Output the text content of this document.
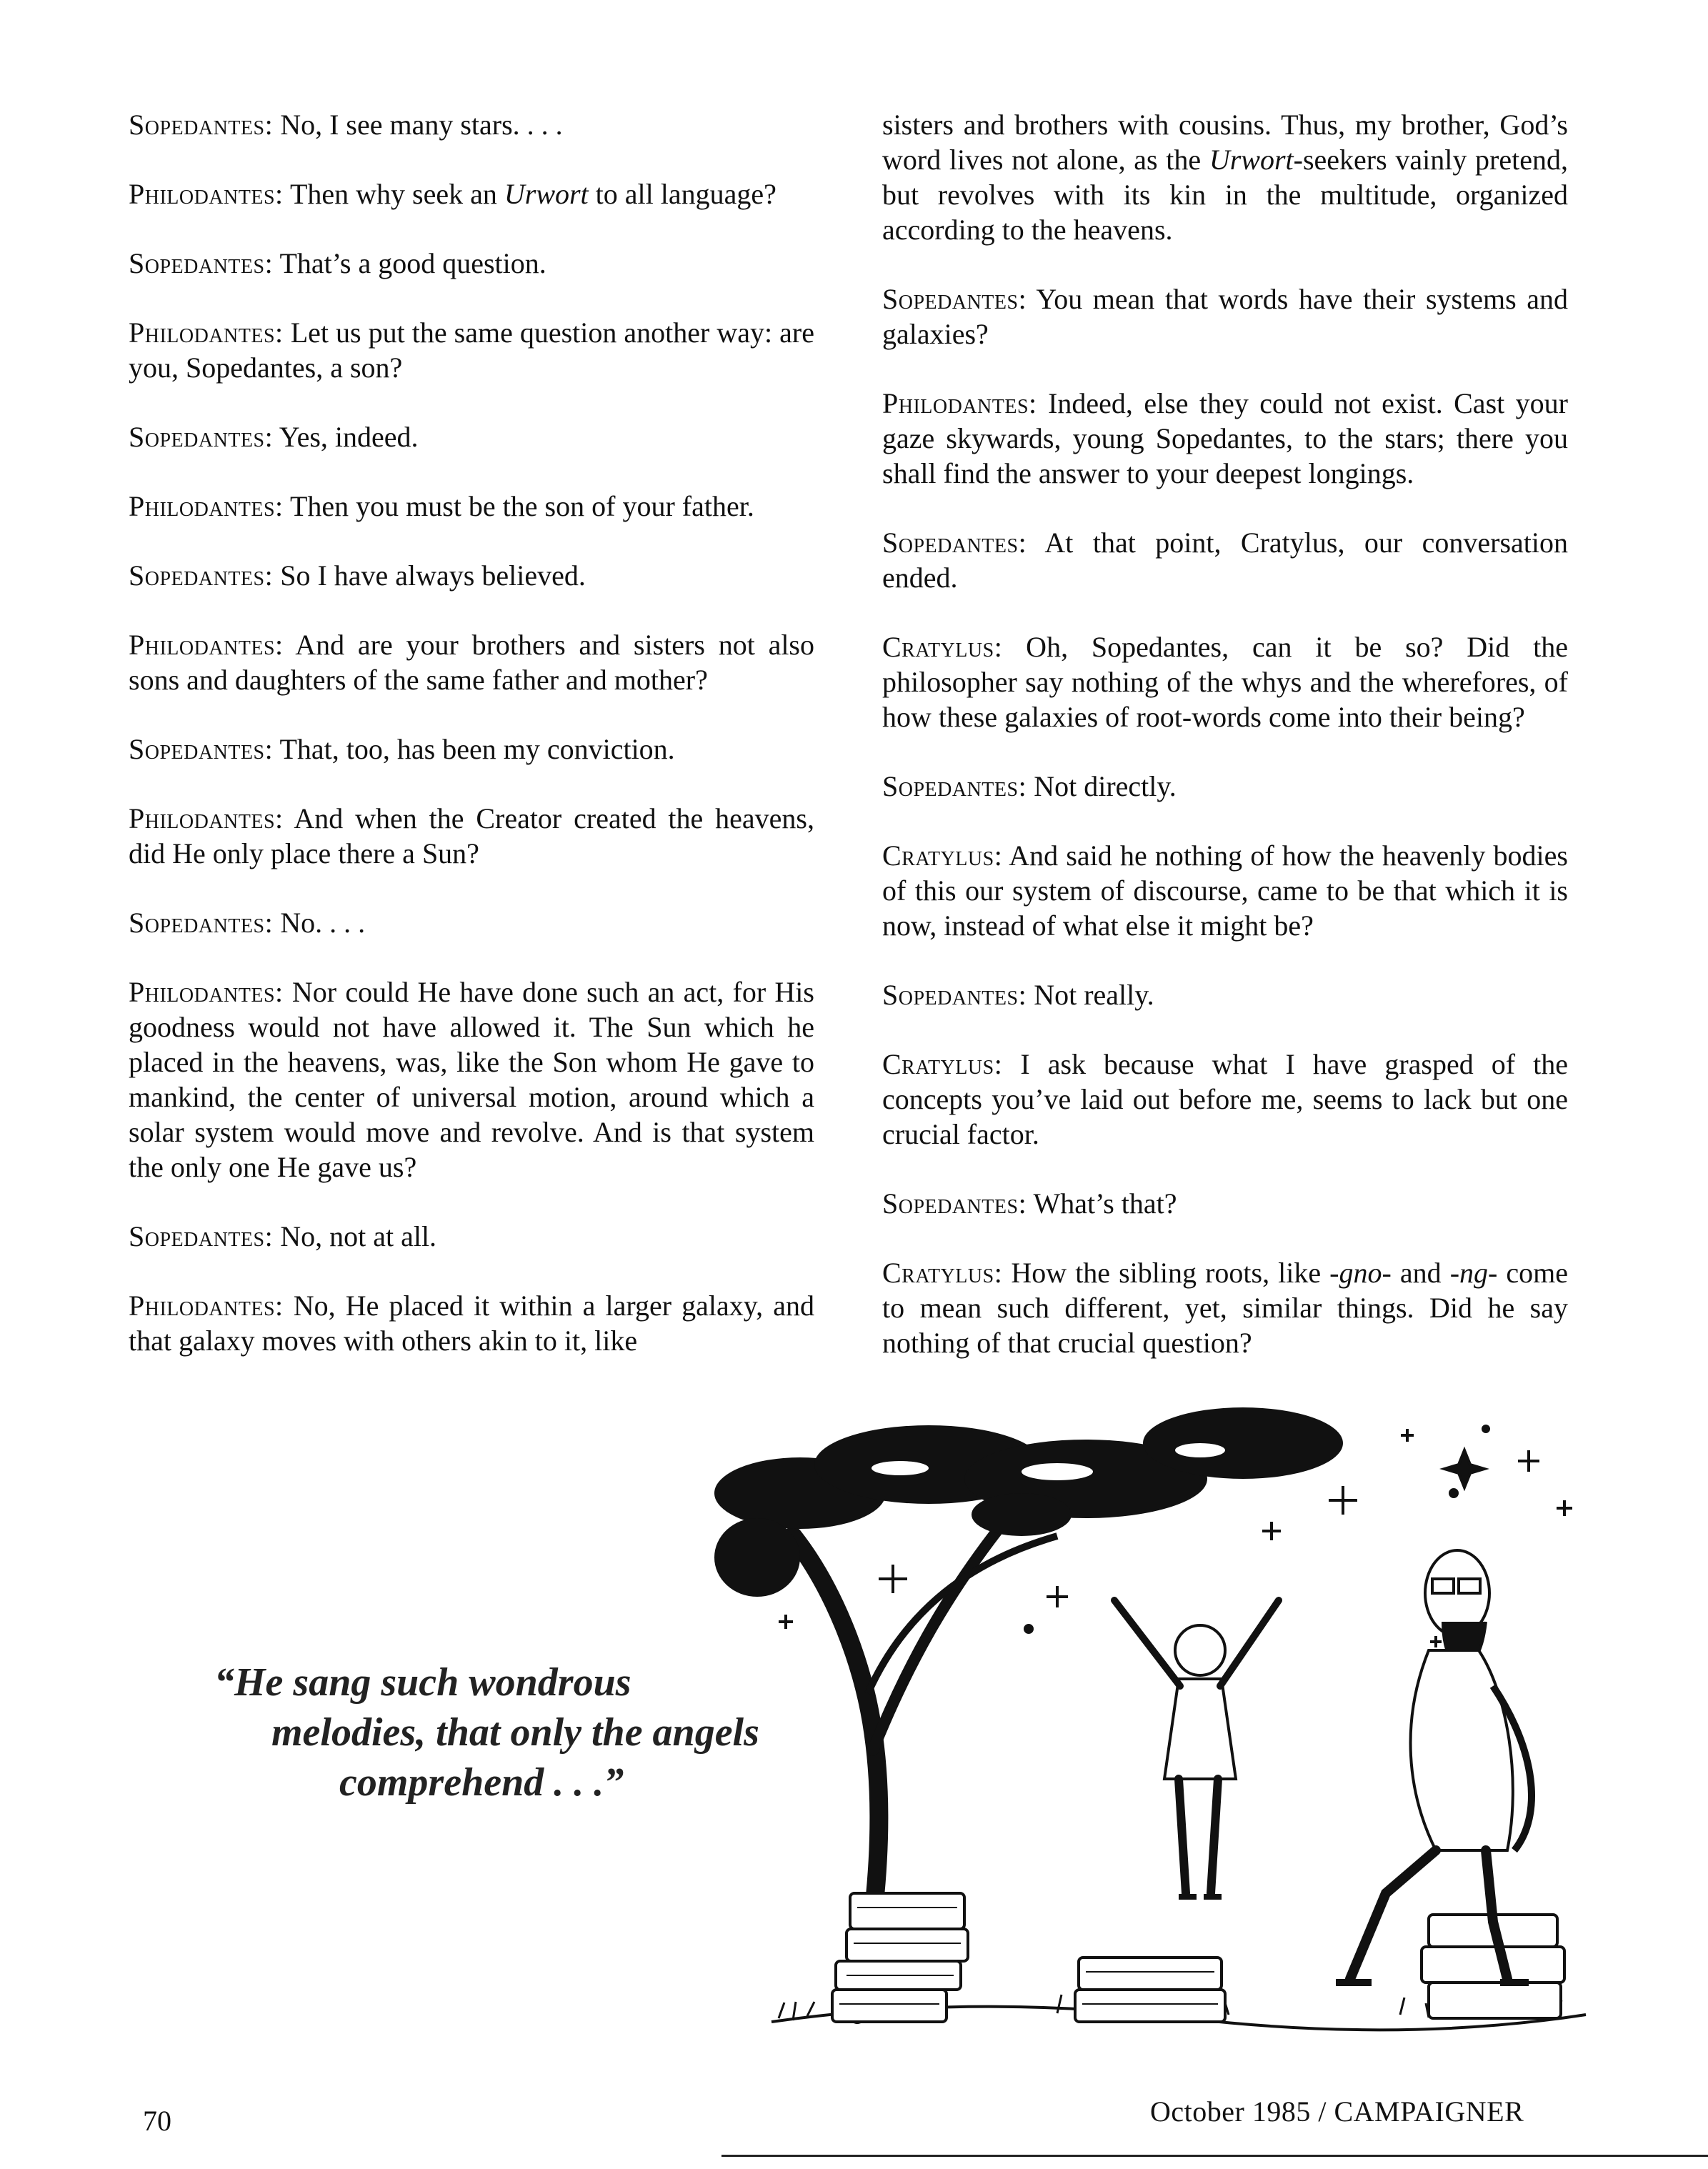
Sopedantes: No, I see many stars. . . .

Philodantes: Then why seek an Urwort to all language?

Sopedantes: That’s a good question.

Philodantes: Let us put the same question another way: are you, Sopedantes, a son?

Sopedantes: Yes, indeed.

Philodantes: Then you must be the son of your father.

Sopedantes: So I have always believed.

Philodantes: And are your brothers and sisters not also sons and daughters of the same father and mother?

Sopedantes: That, too, has been my conviction.

Philodantes: And when the Creator created the heavens, did He only place there a Sun?

Sopedantes: No. . . .

Philodantes: Nor could He have done such an act, for His goodness would not have allowed it. The Sun which he placed in the heavens, was, like the Son whom He gave to mankind, the center of universal motion, around which a solar system would move and revolve. And is that system the only one He gave us?

Sopedantes: No, not at all.

Philodantes: No, He placed it within a larger galaxy, and that galaxy moves with others akin to it, like

sisters and brothers with cousins. Thus, my brother, God’s word lives not alone, as the Urwort-seekers vainly pretend, but revolves with its kin in the multitude, organized according to the heavens.

Sopedantes: You mean that words have their systems and galaxies?

Philodantes: Indeed, else they could not exist. Cast your gaze skywards, young Sopedantes, to the stars; there you shall find the answer to your deepest longings.

Sopedantes: At that point, Cratylus, our conversation ended.

Cratylus: Oh, Sopedantes, can it be so? Did the philosopher say nothing of the whys and the wherefores, of how these galaxies of root-words come into their being?

Sopedantes: Not directly.

Cratylus: And said he nothing of how the heavenly bodies of this our system of discourse, came to be that which it is now, instead of what else it might be?

Sopedantes: Not really.

Cratylus: I ask because what I have grasped of the concepts you’ve laid out before me, seems to lack but one crucial factor.

Sopedantes: What’s that?

Cratylus: How the sibling roots, like -gno- and -ng- come to mean such different, yet, similar things. Did he say nothing of that crucial question?

“He sang such wondrous
melodies, that only the angels
comprehend . . .”
70	October 1985 / CAMPAIGNER
